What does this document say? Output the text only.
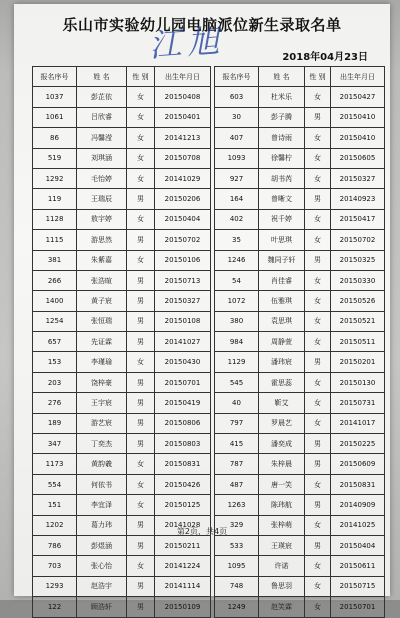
乐山市实验幼儿园电脑派位新生录取名单
江旭	2018年04月23日
报名序号	姓 名	性 别	出生年月日
1037	彭芷依	女	20150408
1061	吕欣睿	女	20150401
86	冯馨滢	女	20141213
519	刘琪涵	女	20150708
1292	毛怡婷	女	20141029
119	王瑞辰	男	20150206
1128	敖宇婷	女	20150404
1115	游思然	男	20150702
381	朱紫嘉	女	20150106
266	张浩暄	男	20150713
1400	黄子宸	男	20150327
1254	张恒瑞	男	20150108
657	先证霖	男	20141027
153	李瑾瑜	女	20150430
203	饶梓豪	男	20150701
276	王宇宸	男	20150419
189	游艺宸	男	20150806
347	丁奕杰	男	20150803
1173	黄韵羲	女	20150831
554	何依书	女	20150426
151	李宜泽	女	20150125
1202	葛力玮	男	20141028
786	彭煜涵	男	20150211
703	张心怡	女	20141224
1293	赵浩宇	男	20141114
122	顾浩轩	男	20150109
报名序号	姓 名	性 别	出生年月日
603	杜米乐	女	20150427
30	彭子腾	男	20150410
407	曾诗雨	女	20150410
1093	徐馨柠	女	20150605
927	胡书芮	女	20150327
164	曾晰文	男	20140923
402	祝千婷	女	20150417
35	叶思琪	女	20150702
1246	魏同子轩	男	20150325
54	肖佳睿	女	20150330
1072	伍雅琪	女	20150526
380	袁思琪	女	20150521
984	周静萱	女	20150511
1129	潘玮宸	男	20150201
545	霍思蕊	女	20150130
40	靳艾	女	20150731
797	罗晨艺	女	20141017
415	潘奕成	男	20150225
787	朱梓晨	男	20150609
487	唐一笑	女	20150831
1263	陈玮航	男	20140909
329	张梓萌	女	20141025
533	王瑛宸	男	20150404
1095	许诺	女	20150611
748	鲁思羽	女	20150715
1249	赵笑霖	女	20150701
第2页，共4页
